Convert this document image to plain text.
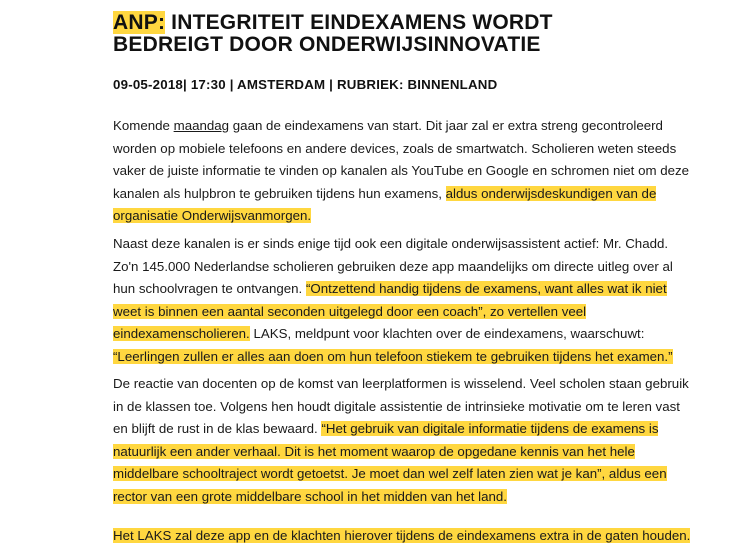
ANP: INTEGRITEIT EINDEXAMENS WORDT
BEDREIGT DOOR ONDERWIJSINNOVATIE
09-05-2018| 17:30 | AMSTERDAM | RUBRIEK: BINNENLAND
Komende maandag gaan de eindexamens van start. Dit jaar zal er extra streng gecontroleerd
worden op mobiele telefoons en andere devices, zoals de smartwatch. Scholieren weten steeds
vaker de juiste informatie te vinden op kanalen als YouTube en Google en schromen niet om deze
kanalen als hulpbron te gebruiken tijdens hun examens, aldus onderwijsdeskundigen van de
organisatie Onderwijsvanmorgen.
Naast deze kanalen is er sinds enige tijd ook een digitale onderwijsassistent actief: Mr. Chadd.
Zo'n 145.000 Nederlandse scholieren gebruiken deze app maandelijks om directe uitleg over al
hun schoolvragen te ontvangen. “Ontzettend handig tijdens de examens, want alles wat ik niet
weet is binnen een aantal seconden uitgelegd door een coach”, zo vertellen veel
eindexamenscholieren. LAKS, meldpunt voor klachten over de eindexamens, waarschuwt:
“Leerlingen zullen er alles aan doen om hun telefoon stiekem te gebruiken tijdens het examen.”
De reactie van docenten op de komst van leerplatformen is wisselend. Veel scholen staan gebruik
in de klassen toe. Volgens hen houdt digitale assistentie de intrinsieke motivatie om te leren vast
en blijft de rust in de klas bewaard. “Het gebruik van digitale informatie tijdens de examens is
natuurlijk een ander verhaal. Dit is het moment waarop de opgedane kennis van het hele
middelbare schooltraject wordt getoetst. Je moet dan wel zelf laten zien wat je kan”, aldus een
rector van een grote middelbare school in het midden van het land.
Het LAKS zal deze app en de klachten hierover tijdens de eindexamens extra in de gaten houden.
